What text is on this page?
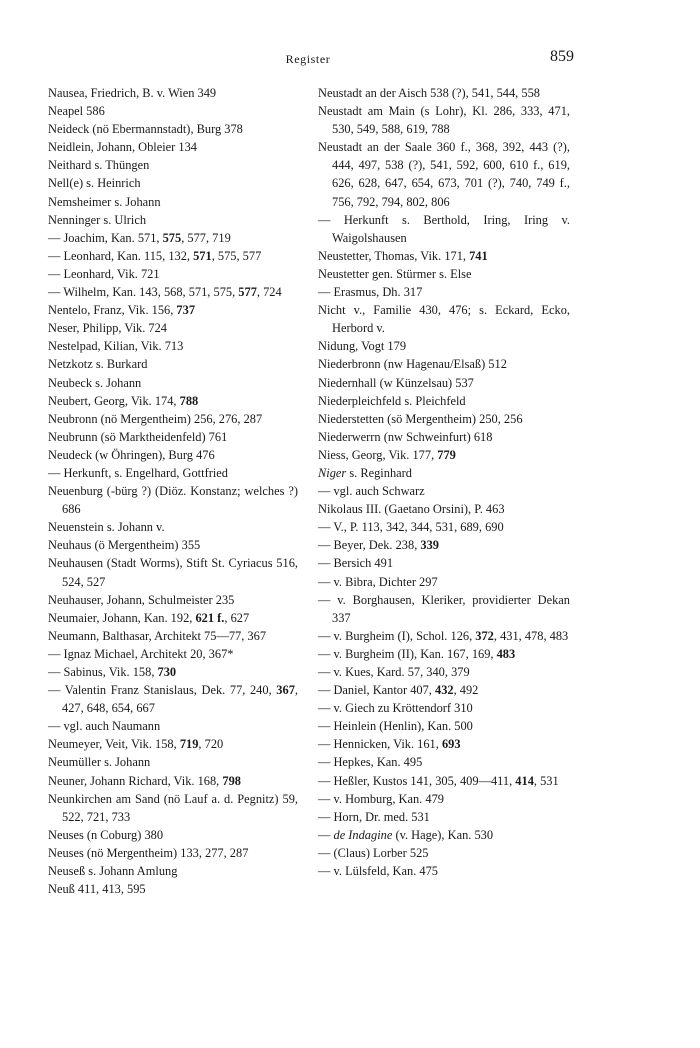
Register	859
Nausea, Friedrich, B. v. Wien 349
Neapel 586
Neideck (nö Ebermannstadt), Burg 378
Neidlein, Johann, Obleier 134
Neithard s. Thüngen
Nell(e) s. Heinrich
Nemsheimer s. Johann
Nenninger s. Ulrich
— Joachim, Kan. 571, 575, 577, 719
— Leonhard, Kan. 115, 132, 571, 575, 577
— Leonhard, Vik. 721
— Wilhelm, Kan. 143, 568, 571, 575, 577, 724
Nentelo, Franz, Vik. 156, 737
Neser, Philipp, Vik. 724
Nestelpad, Kilian, Vik. 713
Netzkotz s. Burkard
Neubeck s. Johann
Neubert, Georg, Vik. 174, 788
Neubronn (nö Mergentheim) 256, 276, 287
Neubrunn (sö Marktheidenfeld) 761
Neudeck (w Öhringen), Burg 476
— Herkunft, s. Engelhard, Gottfried
Neuenburg (-bürg ?) (Diöz. Konstanz; welches ?) 686
Neuenstein s. Johann v.
Neuhaus (ö Mergentheim) 355
Neuhausen (Stadt Worms), Stift St. Cyriacus 516, 524, 527
Neuhauser, Johann, Schulmeister 235
Neumaier, Johann, Kan. 192, 621 f., 627
Neumann, Balthasar, Architekt 75—77, 367
— Ignaz Michael, Architekt 20, 367*
— Sabinus, Vik. 158, 730
— Valentin Franz Stanislaus, Dek. 77, 240, 367, 427, 648, 654, 667
— vgl. auch Naumann
Neumeyer, Veit, Vik. 158, 719, 720
Neumüller s. Johann
Neuner, Johann Richard, Vik. 168, 798
Neunkirchen am Sand (nö Lauf a. d. Pegnitz) 59, 522, 721, 733
Neuses (n Coburg) 380
Neuses (nö Mergentheim) 133, 277, 287
Neuseß s. Johann Amlung
Neuß 411, 413, 595
Neustadt an der Aisch 538 (?), 541, 544, 558
Neustadt am Main (s Lohr), Kl. 286, 333, 471, 530, 549, 588, 619, 788
Neustadt an der Saale 360 f., 368, 392, 443 (?), 444, 497, 538 (?), 541, 592, 600, 610 f., 619, 626, 628, 647, 654, 673, 701 (?), 740, 749 f., 756, 792, 794, 802, 806
— Herkunft s. Berthold, Iring, Iring v. Waigolshausen
Neustetter, Thomas, Vik. 171, 741
Neustetter gen. Stürmer s. Else
— Erasmus, Dh. 317
Nicht v., Familie 430, 476; s. Eckard, Ecko, Herbord v.
Nidung, Vogt 179
Niederbronn (nw Hagenau/Elsaß) 512
Niedernhall (w Künzelsau) 537
Niederpleichfeld s. Pleichfeld
Niederstetten (sö Mergentheim) 250, 256
Niederwerrn (nw Schweinfurt) 618
Niess, Georg, Vik. 177, 779
Niger s. Reginhard
— vgl. auch Schwarz
Nikolaus III. (Gaetano Orsini), P. 463
— V., P. 113, 342, 344, 531, 689, 690
— Beyer, Dek. 238, 339
— Bersich 491
— v. Bibra, Dichter 297
— v. Borghausen, Kleriker, providierter Dekan 337
— v. Burgheim (I), Schol. 126, 372, 431, 478, 483
— v. Burgheim (II), Kan. 167, 169, 483
— v. Kues, Kard. 57, 340, 379
— Daniel, Kantor 407, 432, 492
— v. Giech zu Kröttendorf 310
— Heinlein (Henlin), Kan. 500
— Hennicken, Vik. 161, 693
— Hepkes, Kan. 495
— Heßler, Kustos 141, 305, 409—411, 414, 531
— v. Homburg, Kan. 479
— Horn, Dr. med. 531
— de Indagine (v. Hage), Kan. 530
— (Claus) Lorber 525
— v. Lülsfeld, Kan. 475
